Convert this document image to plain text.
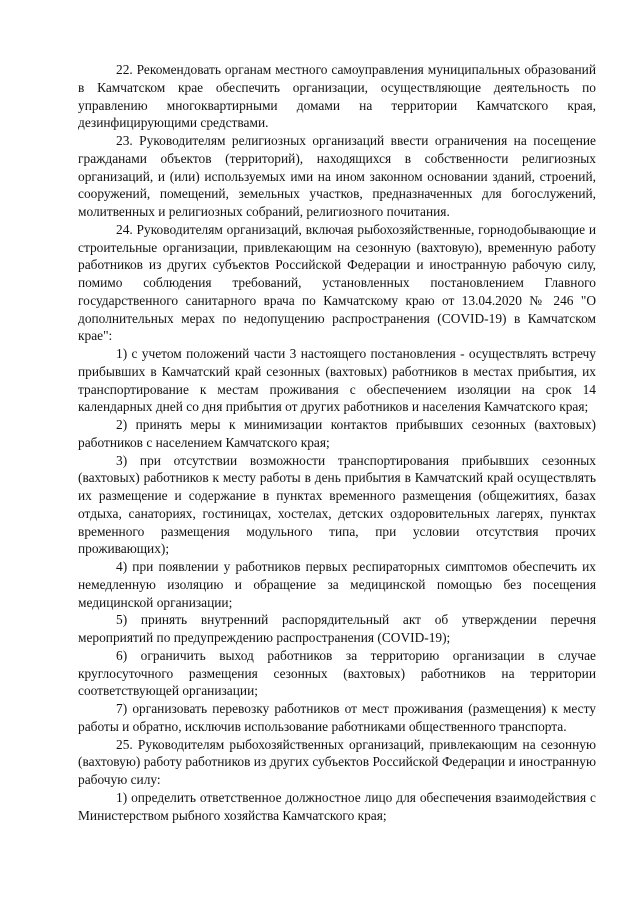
22. Рекомендовать органам местного самоуправления муниципальных образований в Камчатском крае обеспечить организации, осуществляющие деятельность по управлению многоквартирными домами на территории Камчатского края, дезинфицирующими средствами.

23. Руководителям религиозных организаций ввести ограничения на посещение гражданами объектов (территорий), находящихся в собственности религиозных организаций, и (или) используемых ими на ином законном основании зданий, строений, сооружений, помещений, земельных участков, предназначенных для богослужений, молитвенных и религиозных собраний, религиозного почитания.

24. Руководителям организаций, включая рыбохозяйственные, горнодобывающие и строительные организации, привлекающим на сезонную (вахтовую), временную работу работников из других субъектов Российской Федерации и иностранную рабочую силу, помимо соблюдения требований, установленных постановлением Главного государственного санитарного врача по Камчатскому краю от 13.04.2020 № 246 "О дополнительных мерах по недопущению распространения (COVID-19) в Камчатском крае":

1) с учетом положений части 3 настоящего постановления - осуществлять встречу прибывших в Камчатский край сезонных (вахтовых) работников в местах прибытия, их транспортирование к местам проживания с обеспечением изоляции на срок 14 календарных дней со дня прибытия от других работников и населения Камчатского края;

2) принять меры к минимизации контактов прибывших сезонных (вахтовых) работников с населением Камчатского края;

3) при отсутствии возможности транспортирования прибывших сезонных (вахтовых) работников к месту работы в день прибытия в Камчатский край осуществлять их размещение и содержание в пунктах временного размещения (общежитиях, базах отдыха, санаториях, гостиницах, хостелах, детских оздоровительных лагерях, пунктах временного размещения модульного типа, при условии отсутствия прочих проживающих);

4) при появлении у работников первых респираторных симптомов обеспечить их немедленную изоляцию и обращение за медицинской помощью без посещения медицинской организации;

5) принять внутренний распорядительный акт об утверждении перечня мероприятий по предупреждению распространения (COVID-19);

6) ограничить выход работников за территорию организации в случае круглосуточного размещения сезонных (вахтовых) работников на территории соответствующей организации;

7) организовать перевозку работников от мест проживания (размещения) к месту работы и обратно, исключив использование работниками общественного транспорта.

25. Руководителям рыбохозяйственных организаций, привлекающим на сезонную (вахтовую) работу работников из других субъектов Российской Федерации и иностранную рабочую силу:

1) определить ответственное должностное лицо для обеспечения взаимодействия с Министерством рыбного хозяйства Камчатского края;
